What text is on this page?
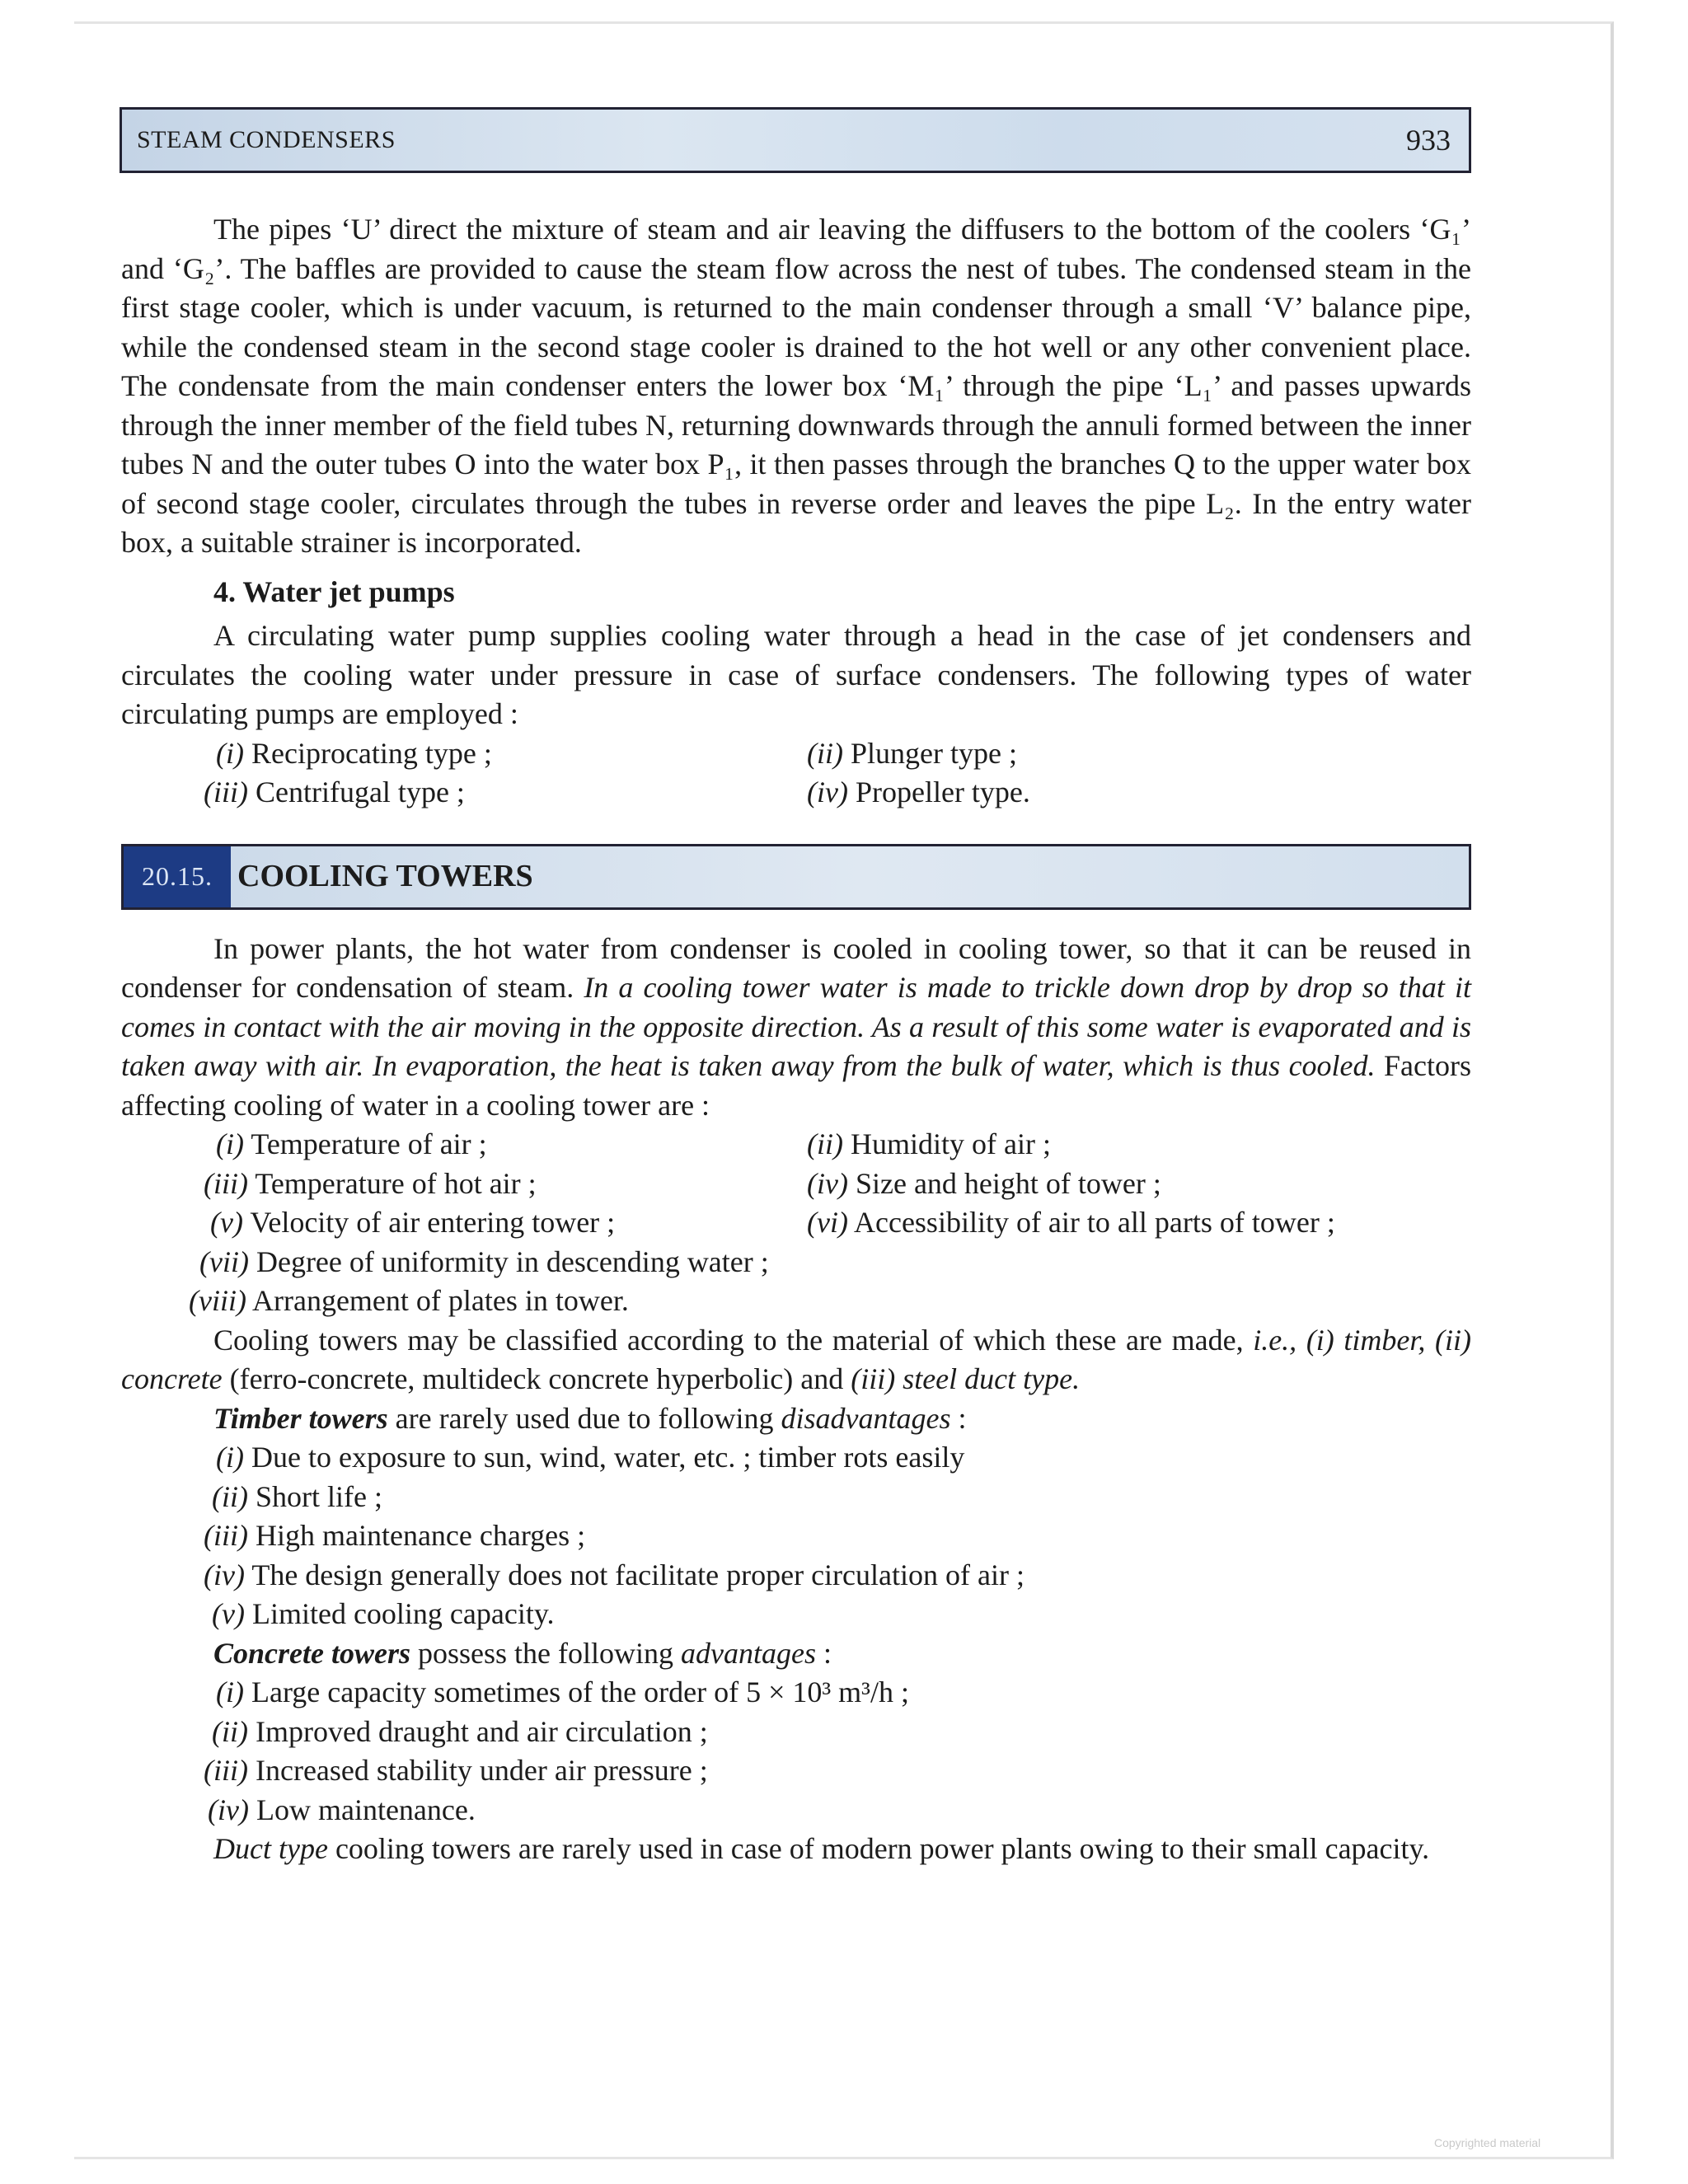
STEAM CONDENSERS	933

The pipes ‘U’ direct the mixture of steam and air leaving the diffusers to the bottom of the coolers ‘G₁’ and ‘G₂’. The baffles are provided to cause the steam flow across the nest of tubes. The condensed steam in the first stage cooler, which is under vacuum, is returned to the main condenser through a small ‘V’ balance pipe, while the condensed steam in the second stage cooler is drained to the hot well or any other convenient place. The condensate from the main condenser enters the lower box ‘M₁’ through the pipe ‘L₁’ and passes upwards through the inner member of the field tubes N, returning downwards through the annuli formed between the inner tubes N and the outer tubes O into the water box P₁, it then passes through the branches Q to the upper water box of second stage cooler, circulates through the tubes in reverse order and leaves the pipe L₂. In the entry water box, a suitable strainer is incorporated.

4. Water jet pumps

A circulating water pump supplies cooling water through a head in the case of jet condensers and circulates the cooling water under pressure in case of surface condensers. The following types of water circulating pumps are employed :

(i) Reciprocating type ;	(ii) Plunger type ;
(iii) Centrifugal type ;	(iv) Propeller type.
20.15. COOLING TOWERS

In power plants, the hot water from condenser is cooled in cooling tower, so that it can be reused in condenser for condensation of steam. In a cooling tower water is made to trickle down drop by drop so that it comes in contact with the air moving in the opposite direction. As a result of this some water is evaporated and is taken away with air. In evaporation, the heat is taken away from the bulk of water, which is thus cooled. Factors affecting cooling of water in a cooling tower are :

(i) Temperature of air ;	(ii) Humidity of air ;
(iii) Temperature of hot air ;	(iv) Size and height of tower ;
(v) Velocity of air entering tower ;	(vi) Accessibility of air to all parts of tower ;
(vii) Degree of uniformity in descending water ;
(viii) Arrangement of plates in tower.

Cooling towers may be classified according to the material of which these are made, i.e., (i) timber, (ii) concrete (ferro-concrete, multideck concrete hyperbolic) and (iii) steel duct type.

Timber towers are rarely used due to following disadvantages :

(i) Due to exposure to sun, wind, water, etc. ; timber rots easily
(ii) Short life ;
(iii) High maintenance charges ;
(iv) The design generally does not facilitate proper circulation of air ;
(v) Limited cooling capacity.

Concrete towers possess the following advantages :

(i) Large capacity sometimes of the order of 5 × 10³ m³/h ;
(ii) Improved draught and air circulation ;
(iii) Increased stability under air pressure ;
(iv) Low maintenance.

Duct type cooling towers are rarely used in case of modern power plants owing to their small capacity.

Copyrighted material
